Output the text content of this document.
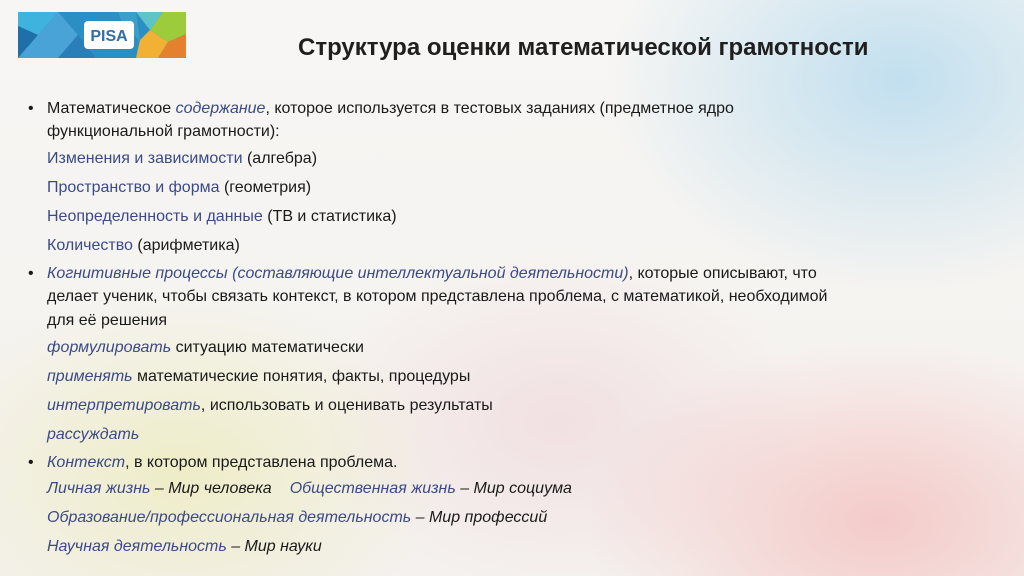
PISA	Структура оценки математической грамотности
• Математическое содержание, которое используется в тестовых заданиях (предметное ядро
функциональной грамотности):
Изменения и зависимости (алгебра)
Пространство и форма (геометрия)
Неопределенность и данные (ТВ и статистика)
Количество (арифметика)
• Когнитивные процессы (составляющие интеллектуальной деятельности), которые описывают, что
делает ученик, чтобы связать контекст, в котором представлена проблема, с математикой, необходимой
для её решения
формулировать ситуацию математически
применять математические понятия, факты, процедуры
интерпретировать, использовать и оценивать результаты
рассуждать
• Контекст, в котором представлена проблема.
Личная жизнь – Мир человека Общественная жизнь – Мир социума
Образование/профессиональная деятельность – Мир профессий
Научная деятельность – Мир науки
